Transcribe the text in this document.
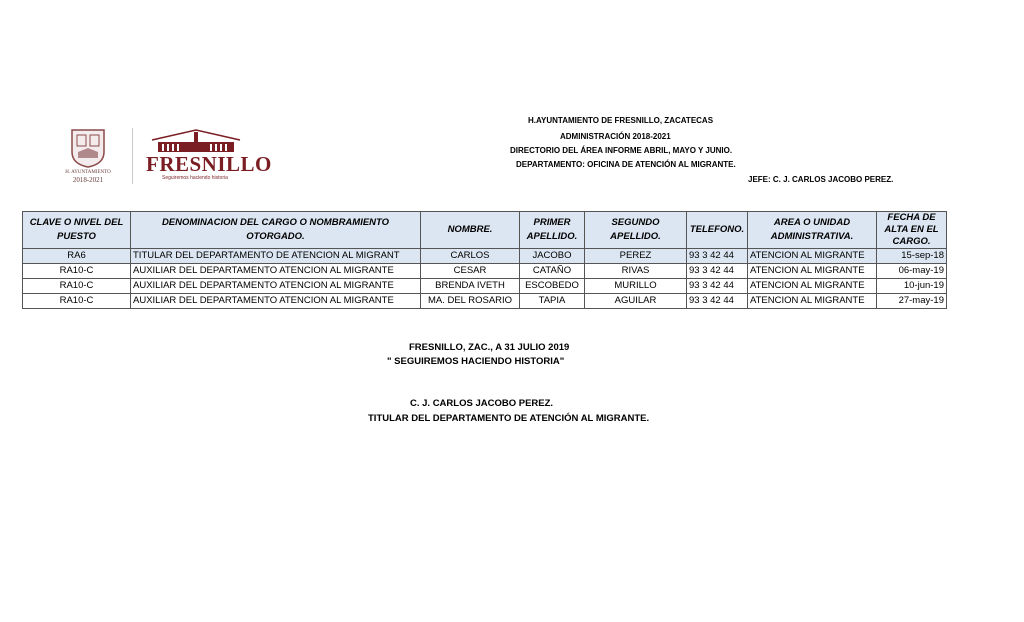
H. AYUNTAMIENTO
2018-2021
FRESNILLO
Seguiremos haciendo historia
H.AYUNTAMIENTO DE FRESNILLO, ZACATECAS
ADMINISTRACIÓN 2018-2021
DIRECTORIO DEL ÁREA INFORME ABRIL, MAYO Y JUNIO.
DEPARTAMENTO: OFICINA DE ATENCIÓN AL MIGRANTE.
JEFE: C. J. CARLOS JACOBO PEREZ.
CLAVE O NIVEL DEL PUESTO	DENOMINACION DEL CARGO O NOMBRAMIENTO OTORGADO.	NOMBRE.	PRIMER APELLIDO.	SEGUNDO APELLIDO.	TELEFONO.	AREA O UNIDAD ADMINISTRATIVA.	FECHA DE ALTA EN EL CARGO.
RA6	TITULAR DEL DEPARTAMENTO DE ATENCION AL MIGRANT	CARLOS	JACOBO	PEREZ	93 3 42 44	ATENCION AL MIGRANTE	15-sep-18
RA10-C	AUXILIAR DEL DEPARTAMENTO ATENCION AL MIGRANTE	CESAR	CATAÑO	RIVAS	93 3 42 44	ATENCION AL MIGRANTE	06-may-19
RA10-C	AUXILIAR DEL DEPARTAMENTO ATENCION AL MIGRANTE	BRENDA IVETH	ESCOBEDO	MURILLO	93 3 42 44	ATENCION AL MIGRANTE	10-jun-19
RA10-C	AUXILIAR DEL DEPARTAMENTO ATENCION AL MIGRANTE	MA. DEL ROSARIO	TAPIA	AGUILAR	93 3 42 44	ATENCION AL MIGRANTE	27-may-19
FRESNILLO, ZAC., A 31 JULIO 2019
" SEGUIREMOS HACIENDO HISTORIA"
C. J. CARLOS JACOBO PEREZ.
TITULAR DEL DEPARTAMENTO DE ATENCIÓN AL MIGRANTE.
